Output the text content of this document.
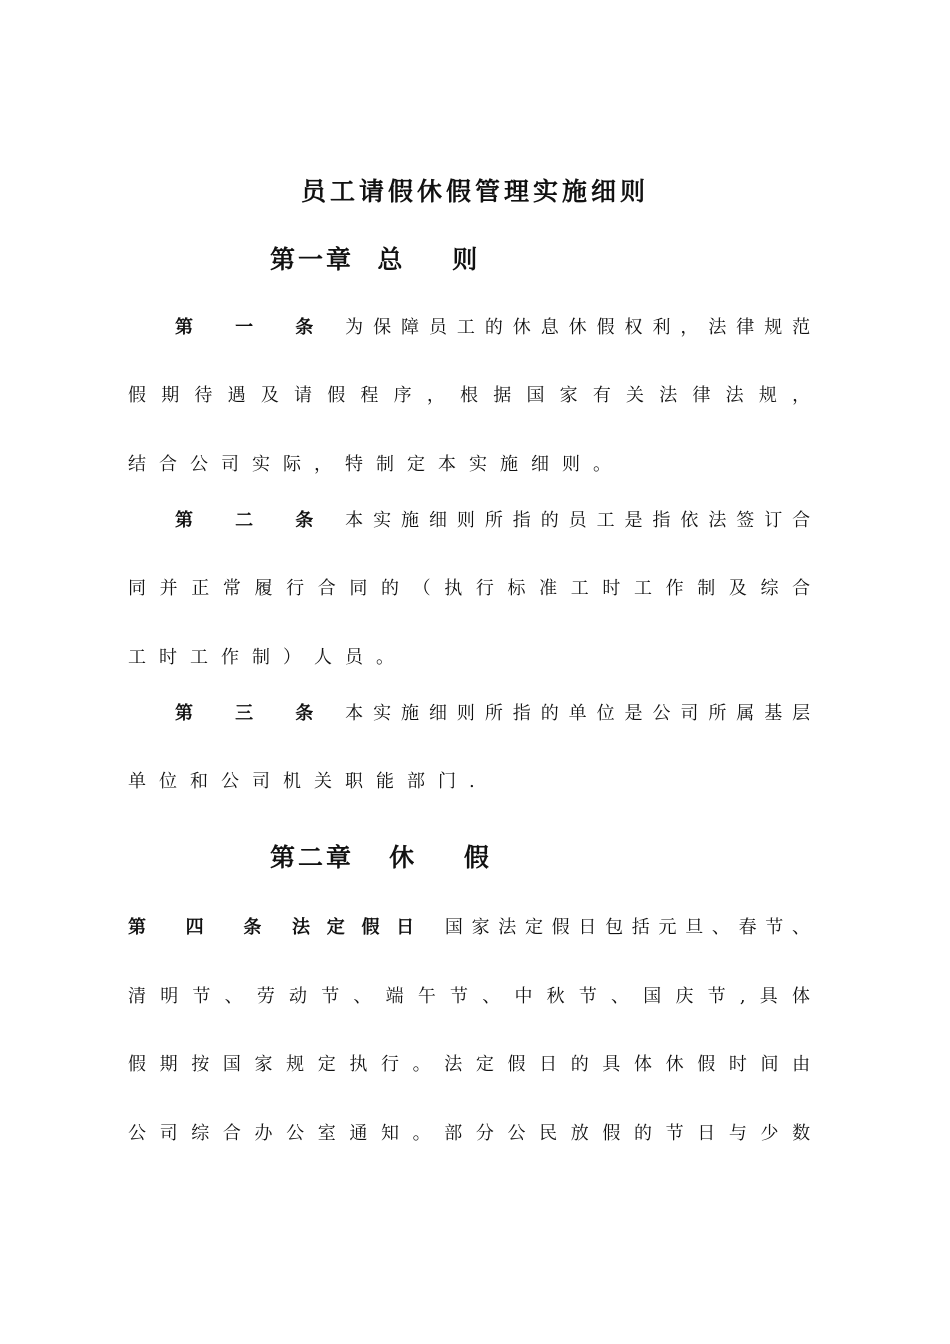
员工请假休假管理实施细则
第一章  总    则
第 一 条 为保障员工的休息休假权利，法律规范
假期待遇及请假程序，根据国家有关法律法规，
结合公司实际，特制定本实施细则。
第 二 条 本实施细则所指的员工是指依法签订合
同并正常履行合同的（执行标准工时工作制及综合
工时工作制）人员。
第 三 条 本实施细则所指的单位是公司所属基层
单位和公司机关职能部门.
第二章   休    假
第 四 条 法定假日 国家法定假日包括元旦、春节、
清明节、劳动节、端午节、中秋节、国庆节,具体
假期按国家规定执行。法定假日的具体休假时间由
公司综合办公室通知。部分公民放假的节日与少数
